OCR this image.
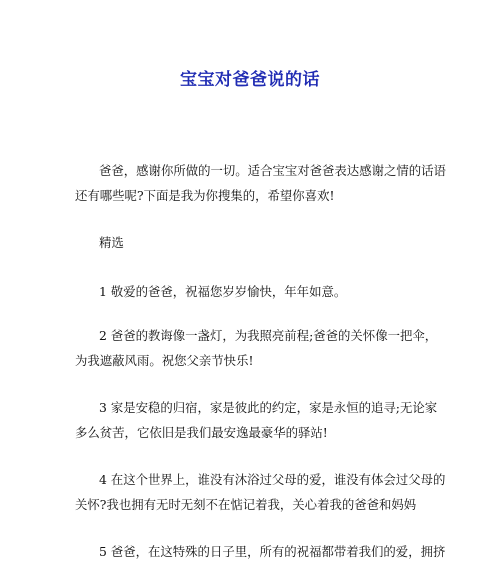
宝宝对爸爸说的话

爸爸，感谢你所做的一切。适合宝宝对爸爸表达感谢之情的话语
还有哪些呢?下面是我为你搜集的，希望你喜欢!

精选

1 敬爱的爸爸，祝福您岁岁愉快，年年如意。

2 爸爸的教诲像一盏灯，为我照亮前程;爸爸的关怀像一把伞，
为我遮蔽风雨。祝您父亲节快乐!

3 家是安稳的归宿，家是彼此的约定，家是永恒的追寻;无论家
多么贫苦，它依旧是我们最安逸最豪华的驿站!

4 在这个世界上，谁没有沐浴过父母的爱，谁没有体会过父母的
关怀?我也拥有无时无刻不在惦记着我，关心着我的爸爸和妈妈

5 爸爸，在这特殊的日子里，所有的祝福都带着我们的爱，拥挤
